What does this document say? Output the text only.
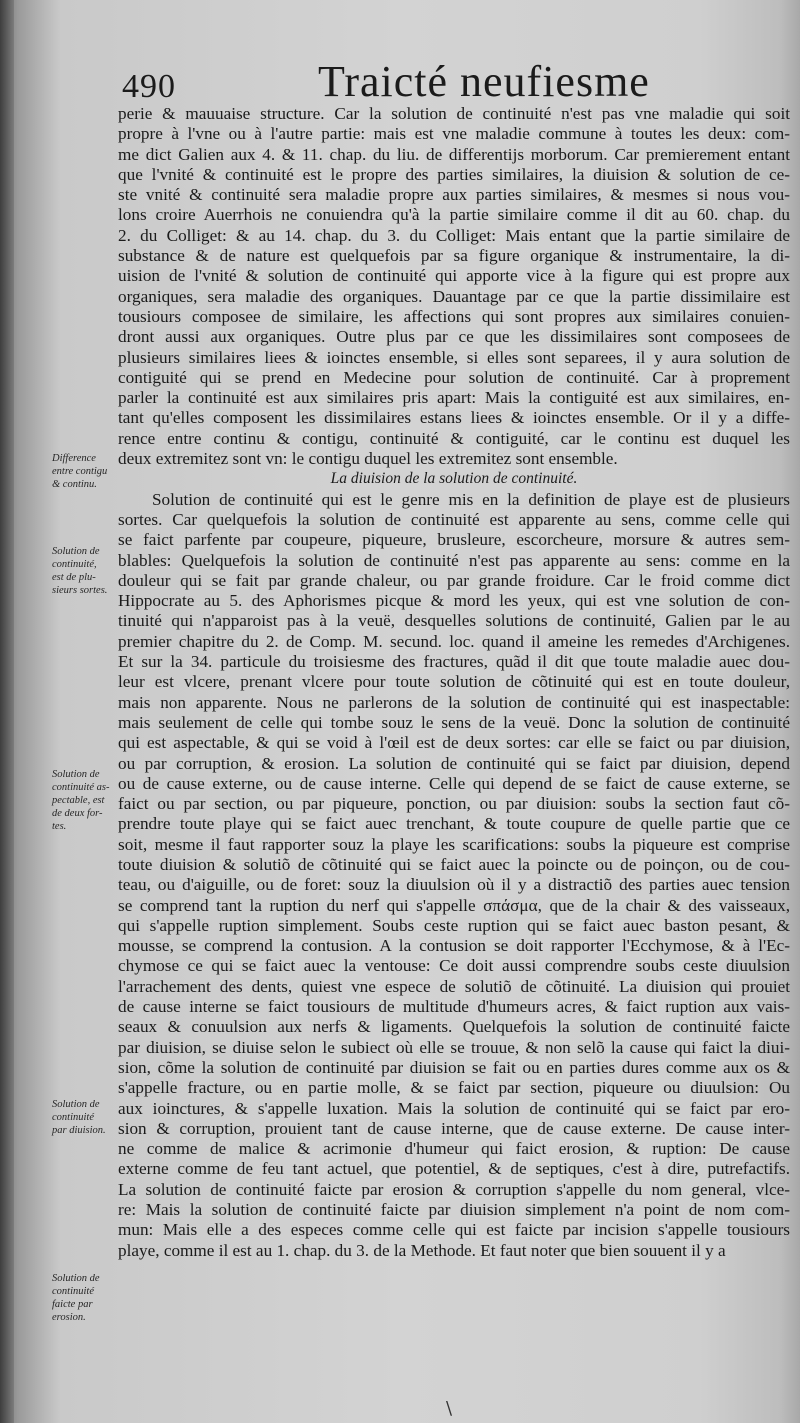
490	Traicté neufiesme
Difference
entre contigu
& continu.
Solution de
continuité,
est de plu-
sieurs sortes.
Solution de
continuité as-
pectable, est
de deux for-
tes.
Solution de
continuité
par diuision.
Solution de
continuité
faicte par
erosion.
perie & mauuaise structure. Car la solution de continuité n'est pas vne maladie qui soit
propre à l'vne ou à l'autre partie: mais est vne maladie commune à toutes les deux: com-
me dict Galien aux 4. & 11. chap. du liu. de differentijs morborum. Car premierement entant
que l'vnité & continuité est le propre des parties similaires, la diuision & solution de ce-
ste vnité & continuité sera maladie propre aux parties similaires, & mesmes si nous vou-
lons croire Auerrhois ne conuiendra qu'à la partie similaire comme il dit au 60. chap. du
2. du Colliget: & au 14. chap. du 3. du Colliget: Mais entant que la partie similaire de
substance & de nature est quelquefois par sa figure organique & instrumentaire, la di-
uision de l'vnité & solution de continuité qui apporte vice à la figure qui est propre aux
organiques, sera maladie des organiques. Dauantage par ce que la partie dissimilaire est
tousiours composee de similaire, les affections qui sont propres aux similaires conuien-
dront aussi aux organiques. Outre plus par ce que les dissimilaires sont composees de
plusieurs similaires liees & ioinctes ensemble, si elles sont separees, il y aura solution de
contiguité qui se prend en Medecine pour solution de continuité. Car à proprement
parler la continuité est aux similaires pris apart: Mais la contiguité est aux similaires, en-
tant qu'elles composent les dissimilaires estans liees & ioinctes ensemble. Or il y a diffe-
rence entre continu & contigu, continuité & contiguité, car le continu est duquel les
deux extremitez sont vn: le contigu duquel les extremitez sont ensemble.
La diuision de la solution de continuité.
Solution de continuité qui est le genre mis en la definition de playe est de plusieurs
sortes. Car quelquefois la solution de continuité est apparente au sens, comme celle qui
se faict parfente par coupeure, piqueure, brusleure, escorcheure, morsure & autres sem-
blables: Quelquefois la solution de continuité n'est pas apparente au sens: comme en la
douleur qui se fait par grande chaleur, ou par grande froidure. Car le froid comme dict
Hippocrate au 5. des Aphorismes picque & mord les yeux, qui est vne solution de con-
tinuité qui n'apparoist pas à la veuë, desquelles solutions de continuité, Galien par le au
premier chapitre du 2. de Comp. M. secund. loc. quand il ameine les remedes d'Archigenes.
Et sur la 34. particule du troisiesme des fractures, quãd il dit que toute maladie auec dou-
leur est vlcere, prenant vlcere pour toute solution de cõtinuité qui est en toute douleur,
mais non apparente. Nous ne parlerons de la solution de continuité qui est inaspectable:
mais seulement de celle qui tombe souz le sens de la veuë. Donc la solution de continuité
qui est aspectable, & qui se void à l'œil est de deux sortes: car elle se faict ou par diuision,
ou par corruption, & erosion. La solution de continuité qui se faict par diuision, depend
ou de cause externe, ou de cause interne. Celle qui depend de se faict de cause externe, se
faict ou par section, ou par piqueure, ponction, ou par diuision: soubs la section faut cõ-
prendre toute playe qui se faict auec trenchant, & toute coupure de quelle partie que ce
soit, mesme il faut rapporter souz la playe les scarifications: soubs la piqueure est comprise
toute diuision & solutiõ de cõtinuité qui se faict auec la poincte ou de poinçon, ou de cou-
teau, ou d'aiguille, ou de foret: souz la diuulsion où il y a distractiõ des parties auec tension
se comprend tant la ruption du nerf qui s'appelle σπάσμα, que de la chair & des vaisseaux,
qui s'appelle ruption simplement. Soubs ceste ruption qui se faict auec baston pesant, &
mousse, se comprend la contusion. A la contusion se doit rapporter l'Ecchymose, & à l'Ec-
chymose ce qui se faict auec la ventouse: Ce doit aussi comprendre soubs ceste diuulsion
l'arrachement des dents, quiest vne espece de solutiõ de cõtinuité. La diuision qui prouiet
de cause interne se faict tousiours de multitude d'humeurs acres, & faict ruption aux vais-
seaux & conuulsion aux nerfs & ligaments. Quelquefois la solution de continuité faicte
par diuision, se diuise selon le subiect où elle se trouue, & non selõ la cause qui faict la diui-
sion, cõme la solution de continuité par diuision se fait ou en parties dures comme aux os &
s'appelle fracture, ou en partie molle, & se faict par section, piqueure ou diuulsion: Ou
aux ioinctures, & s'appelle luxation. Mais la solution de continuité qui se faict par ero-
sion & corruption, prouient tant de cause interne, que de cause externe. De cause inter-
ne comme de malice & acrimonie d'humeur qui faict erosion, & ruption: De cause
externe comme de feu tant actuel, que potentiel, & de septiques, c'est à dire, putrefactifs.
La solution de continuité faicte par erosion & corruption s'appelle du nom general, vlce-
re: Mais la solution de continuité faicte par diuision simplement n'a point de nom com-
mun: Mais elle a des especes comme celle qui est faicte par incision s'appelle tousiours
playe, comme il est au 1. chap. du 3. de la Methode. Et faut noter que bien souuent il y a
\
